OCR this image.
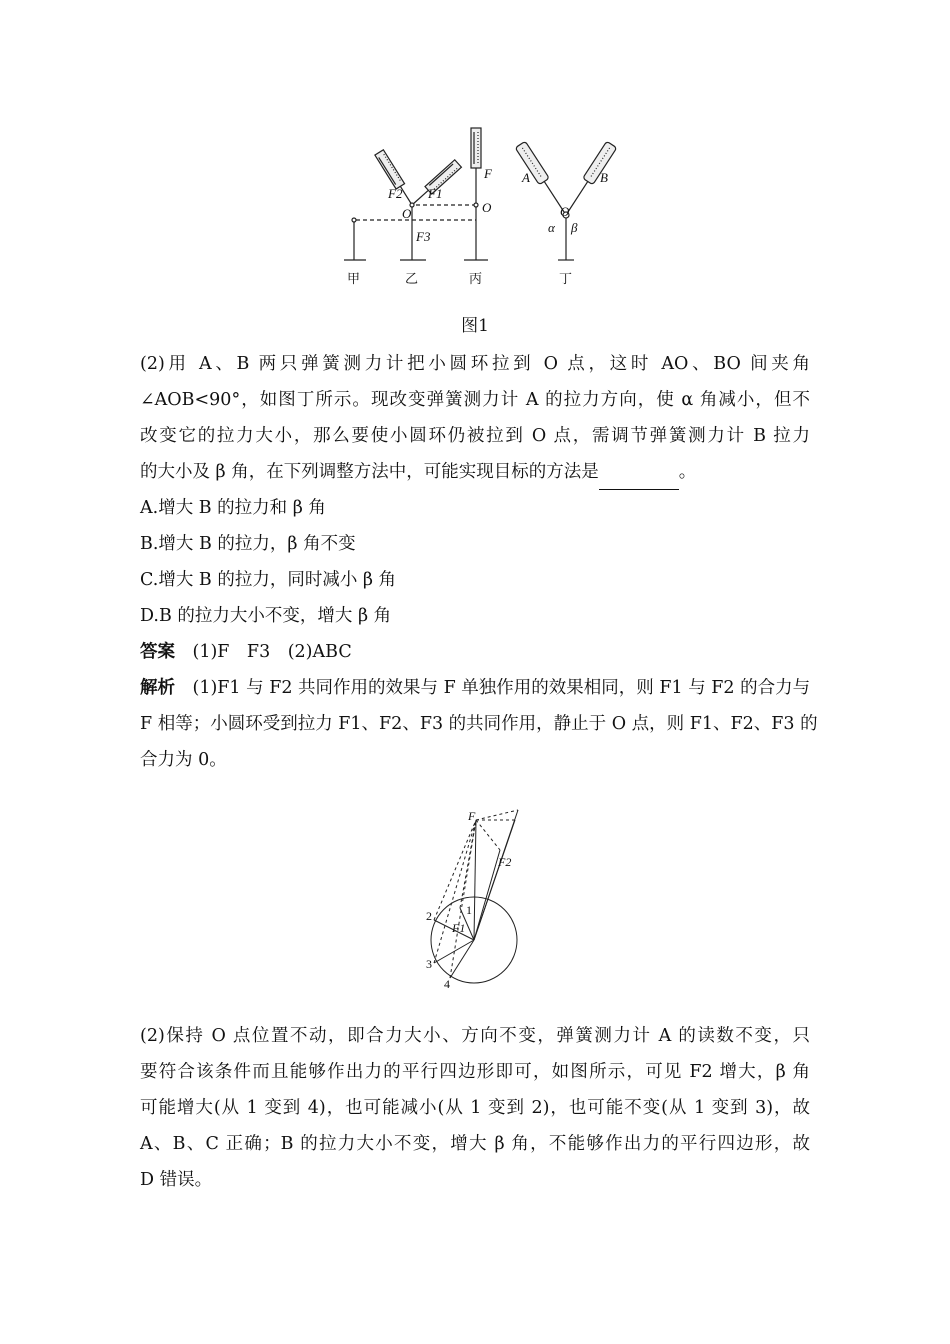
甲	乙	丙	丁
F2 F1
F3
O	O
F A	B
O
α β
图1
(2)用 A、B 两只弹簧测力计把小圆环拉到 O 点，这时 AO、BO 间夹角
∠AOB<90°，如图丁所示。现改变弹簧测力计 A 的拉力方向，使 α 角减小，但不
改变它的拉力大小，那么要使小圆环仍被拉到 O 点，需调节弹簧测力计 B 拉力
的大小及 β 角，在下列调整方法中，可能实现目标的方法是	。
A.增大 B 的拉力和 β 角
B.增大 B 的拉力，β 角不变
C.增大 B 的拉力，同时减小 β 角
D.B 的拉力大小不变，增大 β 角
答案　 (1)F　F3　(2)ABC
解析　 (1)F1 与 F2 共同作用的效果与 F 单独作用的效果相同，则 F1 与 F2 的合力与
F 相等；小圆环受到拉力 F1、F2、F3 的共同作用，静止于 O 点，则 F1、F2、F3 的
合力为 0。
F
F1
F2
1
2
3
4
(2)保持 O 点位置不动，即合力大小、方向不变，弹簧测力计 A 的读数不变，只
要符合该条件而且能够作出力的平行四边形即可，如图所示，可见 F2 增大，β 角
可能增大(从 1 变到 4)，也可能减小(从 1 变到 2)，也可能不变(从 1 变到 3)，故
A、B、C 正确；B 的拉力大小不变，增大 β 角，不能够作出力的平行四边形，故
D 错误。
